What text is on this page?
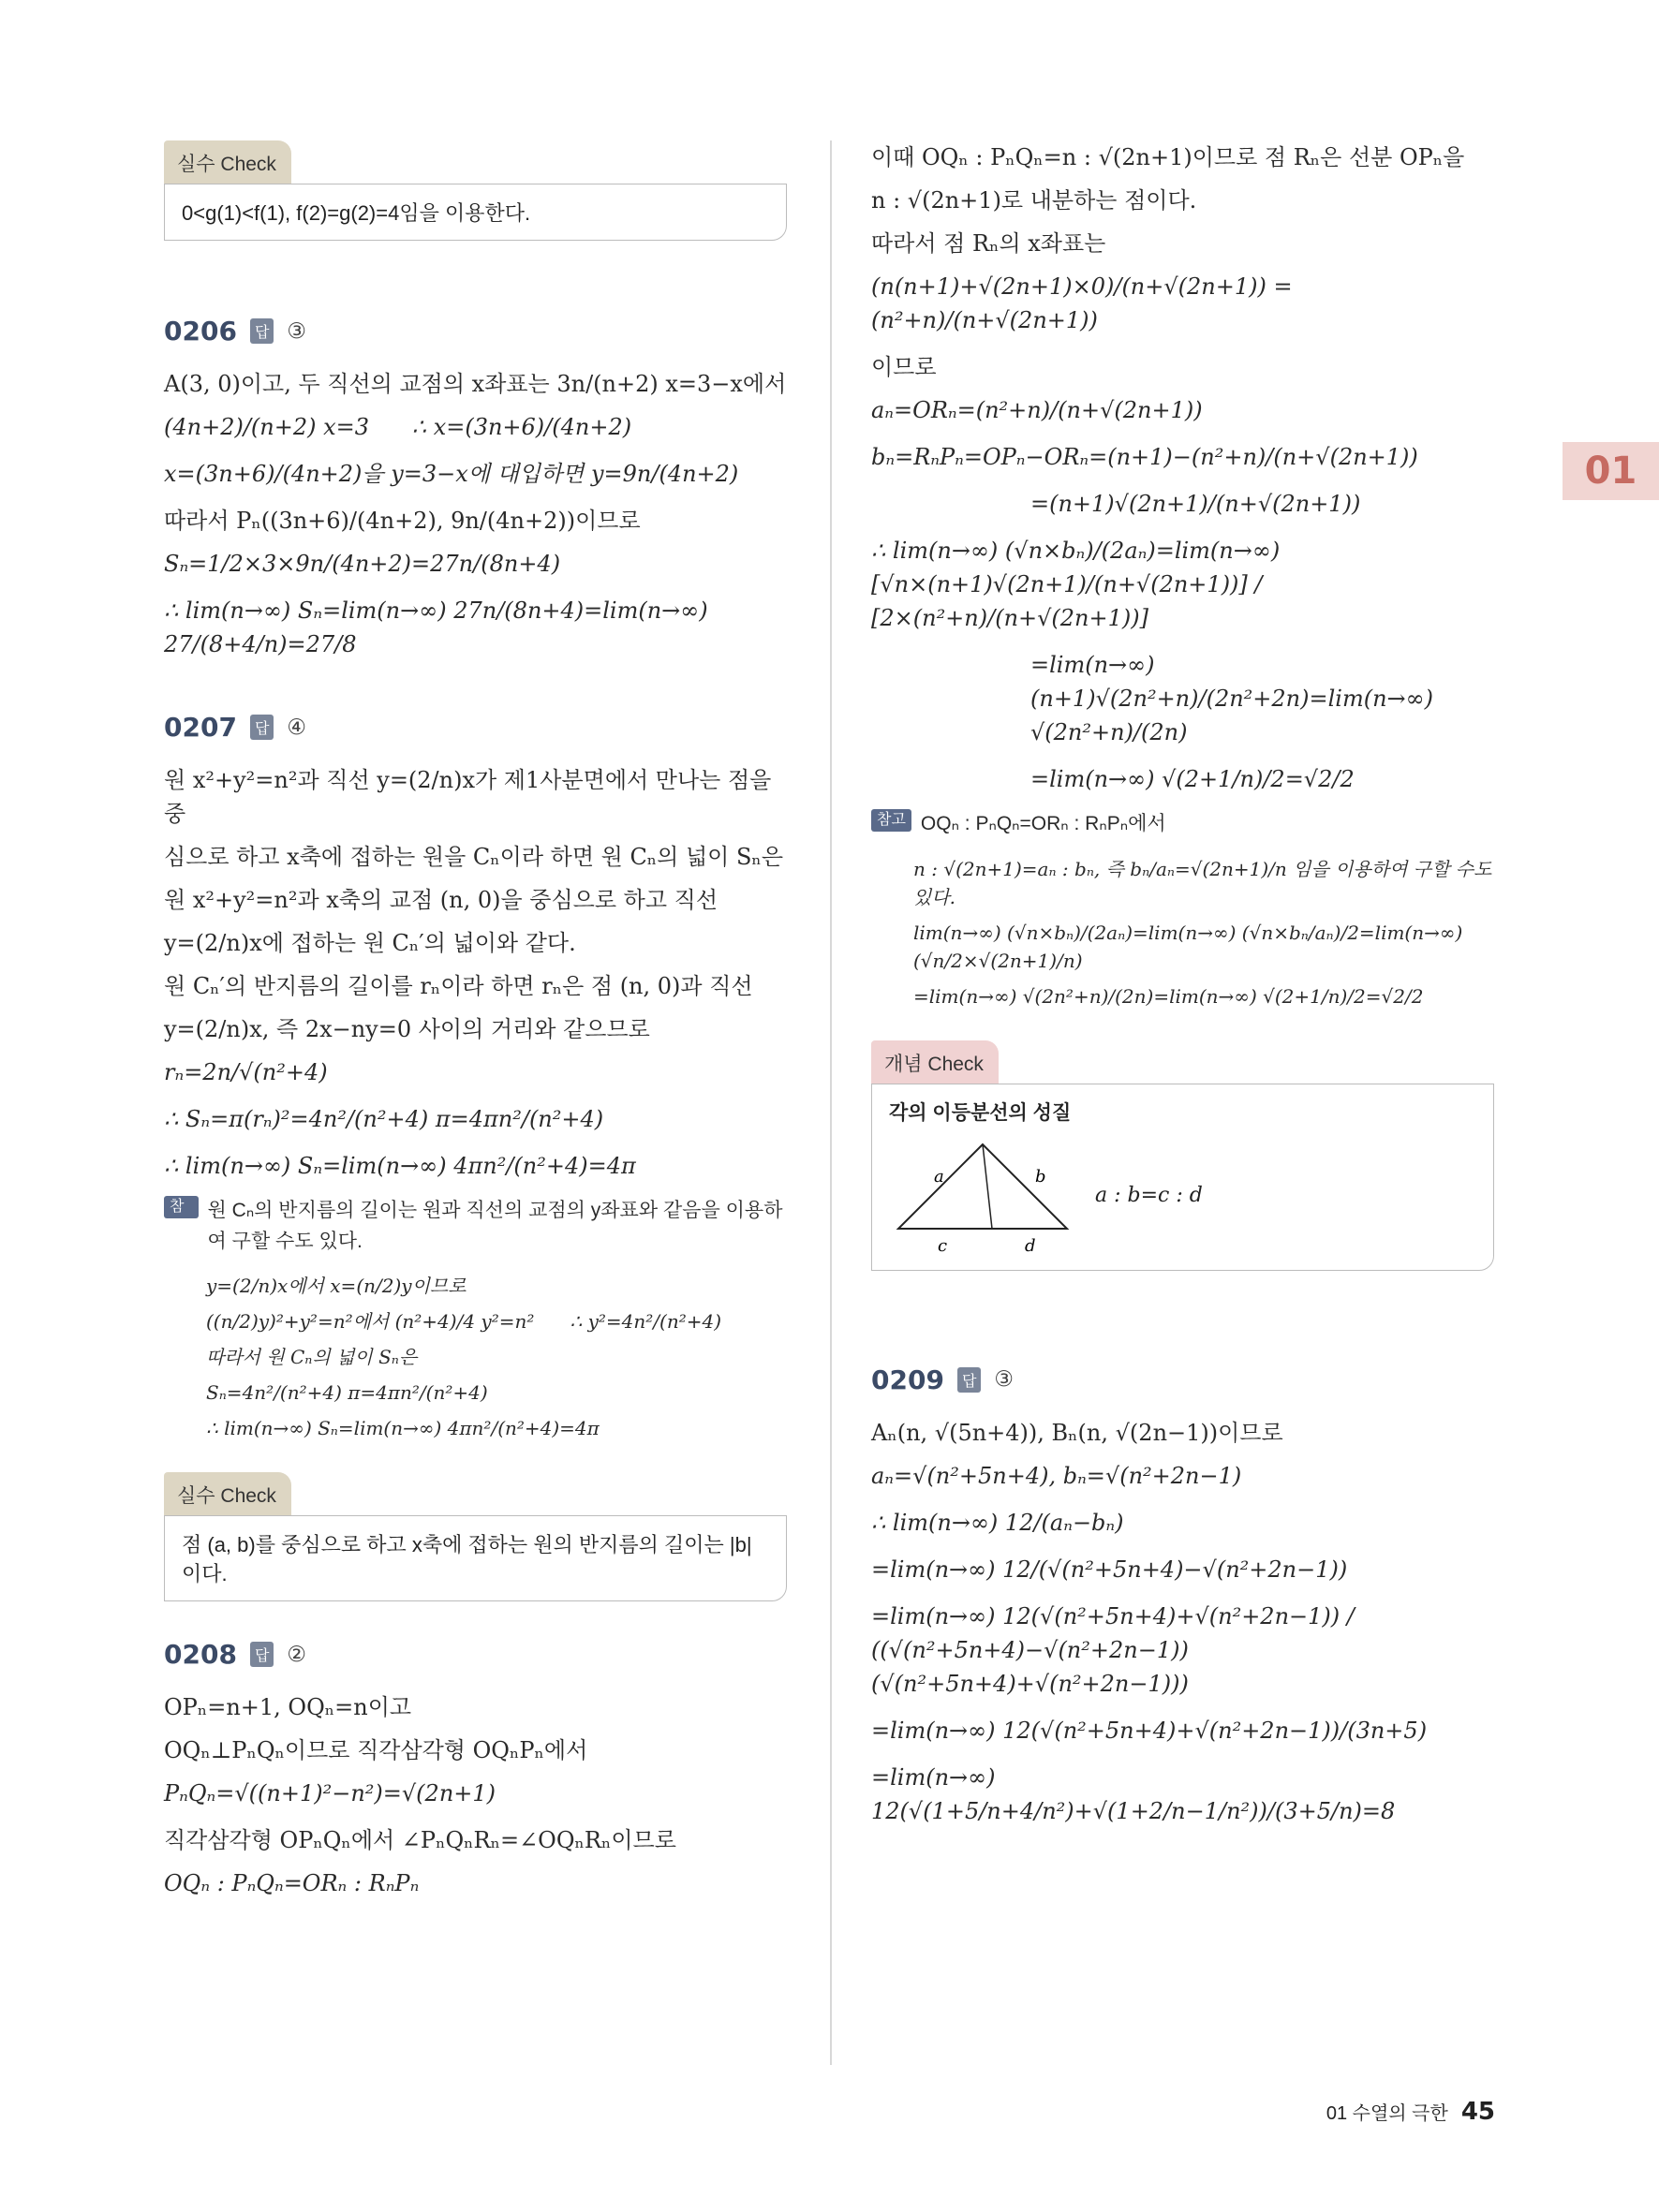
01
실수 Check
0<g(1)<f(1), f(2)=g(2)=4임을 이용한다.
0206	답 ③
A(3, 0)이고, 두 직선의 교점의 x좌표는 3n/(n+2) x=3−x에서
(4n+2)/(n+2) x=3      ∴ x=(3n+6)/(4n+2)
x=(3n+6)/(4n+2)을 y=3−x에 대입하면 y=9n/(4n+2)
따라서 Pₙ((3n+6)/(4n+2), 9n/(4n+2))이므로
Sₙ=1/2×3×9n/(4n+2)=27n/(8n+4)
∴ lim(n→∞) Sₙ=lim(n→∞) 27n/(8n+4)=lim(n→∞) 27/(8+4/n)=27/8
0207	답 ④
원 x²+y²=n²과 직선 y=(2/n)x가 제1사분면에서 만나는 점을 중
심으로 하고 x축에 접하는 원을 Cₙ이라 하면 원 Cₙ의 넓이 Sₙ은
원 x²+y²=n²과 x축의 교점 (n, 0)을 중심으로 하고 직선
y=(2/n)x에 접하는 원 Cₙ′의 넓이와 같다.
원 Cₙ′의 반지름의 길이를 rₙ이라 하면 rₙ은 점 (n, 0)과 직선
y=(2/n)x, 즉 2x−ny=0 사이의 거리와 같으므로
rₙ=2n/√(n²+4)
∴ Sₙ=π(rₙ)²=4n²/(n²+4) π=4πn²/(n²+4)
∴ lim(n→∞) Sₙ=lim(n→∞) 4πn²/(n²+4)=4π
참고
원 Cₙ의 반지름의 길이는 원과 직선의 교점의 y좌표와 같음을 이용하여 구할 수도 있다.
y=(2/n)x에서 x=(n/2)y이므로
((n/2)y)²+y²=n²에서 (n²+4)/4 y²=n²      ∴ y²=4n²/(n²+4)
따라서 원 Cₙ의 넓이 Sₙ은
Sₙ=4n²/(n²+4) π=4πn²/(n²+4)
∴ lim(n→∞) Sₙ=lim(n→∞) 4πn²/(n²+4)=4π
실수 Check
점 (a, b)를 중심으로 하고 x축에 접하는 원의 반지름의 길이는 |b|이다.
0208	답 ②
OPₙ=n+1, OQₙ=n이고
OQₙ⊥PₙQₙ이므로 직각삼각형 OQₙPₙ에서
PₙQₙ=√((n+1)²−n²)=√(2n+1)
직각삼각형 OPₙQₙ에서 ∠PₙQₙRₙ=∠OQₙRₙ이므로
OQₙ : PₙQₙ=ORₙ : RₙPₙ
이때 OQₙ : PₙQₙ=n : √(2n+1)이므로 점 Rₙ은 선분 OPₙ을
n : √(2n+1)로 내분하는 점이다.
따라서 점 Rₙ의 x좌표는
(n(n+1)+√(2n+1)×0)/(n+√(2n+1)) = (n²+n)/(n+√(2n+1))
이므로
aₙ=ORₙ=(n²+n)/(n+√(2n+1))
bₙ=RₙPₙ=OPₙ−ORₙ=(n+1)−(n²+n)/(n+√(2n+1))
=(n+1)√(2n+1)/(n+√(2n+1))
∴ lim(n→∞) (√n×bₙ)/(2aₙ)=lim(n→∞) [√n×(n+1)√(2n+1)/(n+√(2n+1))] / [2×(n²+n)/(n+√(2n+1))]
=lim(n→∞) (n+1)√(2n²+n)/(2n²+2n)=lim(n→∞) √(2n²+n)/(2n)
=lim(n→∞) √(2+1/n)/2=√2/2
참고 OQₙ : PₙQₙ=ORₙ : RₙPₙ에서
n : √(2n+1)=aₙ : bₙ, 즉 bₙ/aₙ=√(2n+1)/n 임을 이용하여 구할 수도 있다.
lim(n→∞) (√n×bₙ)/(2aₙ)=lim(n→∞) (√n×bₙ/aₙ)/2=lim(n→∞)(√n/2×√(2n+1)/n)
=lim(n→∞) √(2n²+n)/(2n)=lim(n→∞) √(2+1/n)/2=√2/2
개념 Check
각의 이등분선의 성질
a	b
c	d
a : b=c : d
0209	답 ③
Aₙ(n, √(5n+4)), Bₙ(n, √(2n−1))이므로
aₙ=√(n²+5n+4), bₙ=√(n²+2n−1)
∴ lim(n→∞) 12/(aₙ−bₙ)
=lim(n→∞) 12/(√(n²+5n+4)−√(n²+2n−1))
=lim(n→∞) 12(√(n²+5n+4)+√(n²+2n−1)) / ((√(n²+5n+4)−√(n²+2n−1))(√(n²+5n+4)+√(n²+2n−1)))
=lim(n→∞) 12(√(n²+5n+4)+√(n²+2n−1))/(3n+5)
=lim(n→∞) 12(√(1+5/n+4/n²)+√(1+2/n−1/n²))/(3+5/n)=8
01 수열의 극한 45
